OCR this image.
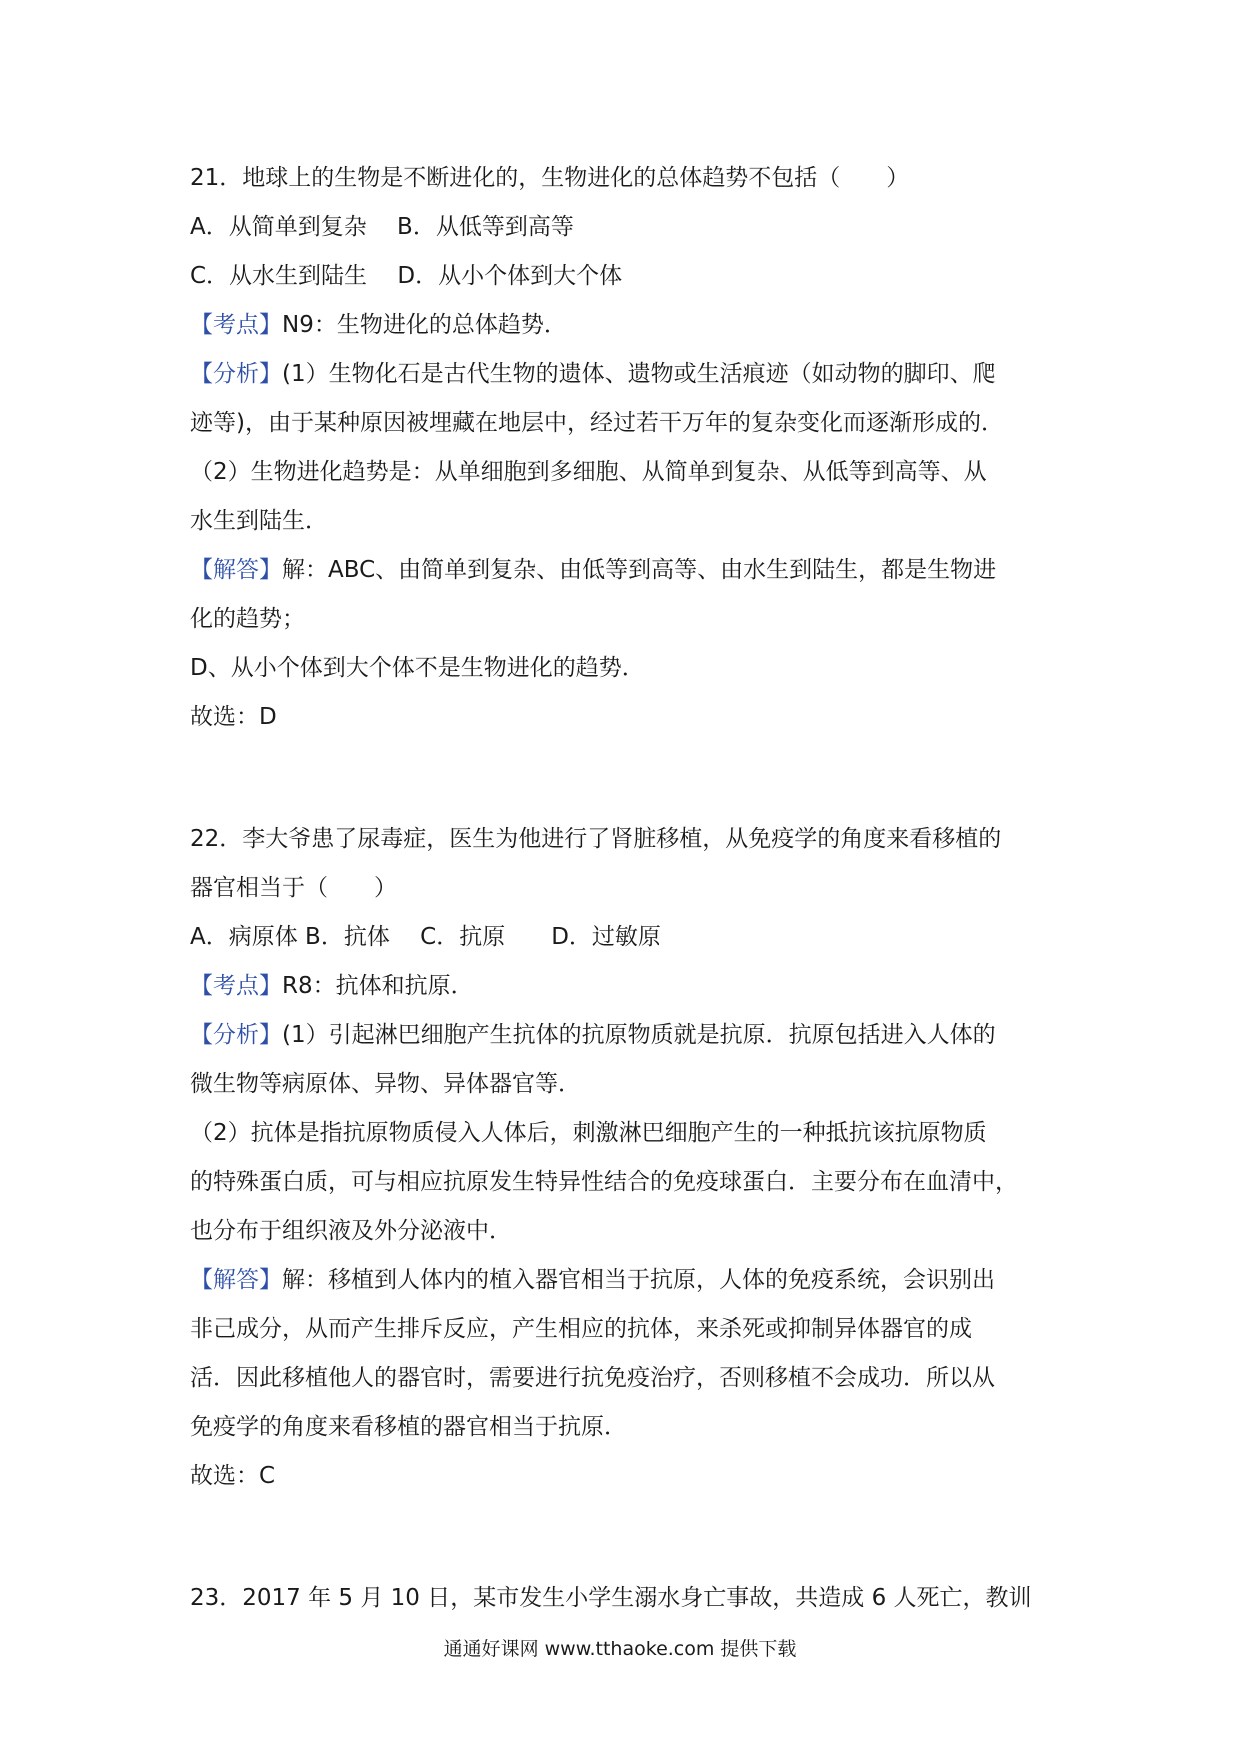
21．地球上的生物是不断进化的，生物进化的总体趋势不包括（　　）
A．从简单到复杂　 B．从低等到高等
C．从水生到陆生　 D．从小个体到大个体
【考点】N9：生物进化的总体趋势．
【分析】(1）生物化石是古代生物的遗体、遗物或生活痕迹（如动物的脚印、爬
迹等)，由于某种原因被埋藏在地层中，经过若干万年的复杂变化而逐渐形成的．
（2）生物进化趋势是：从单细胞到多细胞、从简单到复杂、从低等到高等、从
水生到陆生．
【解答】解：ABC、由简单到复杂、由低等到高等、由水生到陆生，都是生物进
化的趋势；
D、从小个体到大个体不是生物进化的趋势．
故选：D
22．李大爷患了尿毒症，医生为他进行了肾脏移植，从免疫学的角度来看移植的
器官相当于（　　）
A．病原体 B．抗体　 C．抗原　　D．过敏原
【考点】R8：抗体和抗原．
【分析】(1）引起淋巴细胞产生抗体的抗原物质就是抗原．抗原包括进入人体的
微生物等病原体、异物、异体器官等．
（2）抗体是指抗原物质侵入人体后，刺激淋巴细胞产生的一种抵抗该抗原物质
的特殊蛋白质，可与相应抗原发生特异性结合的免疫球蛋白．主要分布在血清中，
也分布于组织液及外分泌液中．
【解答】解：移植到人体内的植入器官相当于抗原，人体的免疫系统，会识别出
非己成分，从而产生排斥反应，产生相应的抗体，来杀死或抑制异体器官的成
活．因此移植他人的器官时，需要进行抗免疫治疗，否则移植不会成功．所以从
免疫学的角度来看移植的器官相当于抗原．
故选：C
23．2017 年 5 月 10 日，某市发生小学生溺水身亡事故，共造成 6 人死亡，教训
通通好课网 www.tthaoke.com 提供下载
